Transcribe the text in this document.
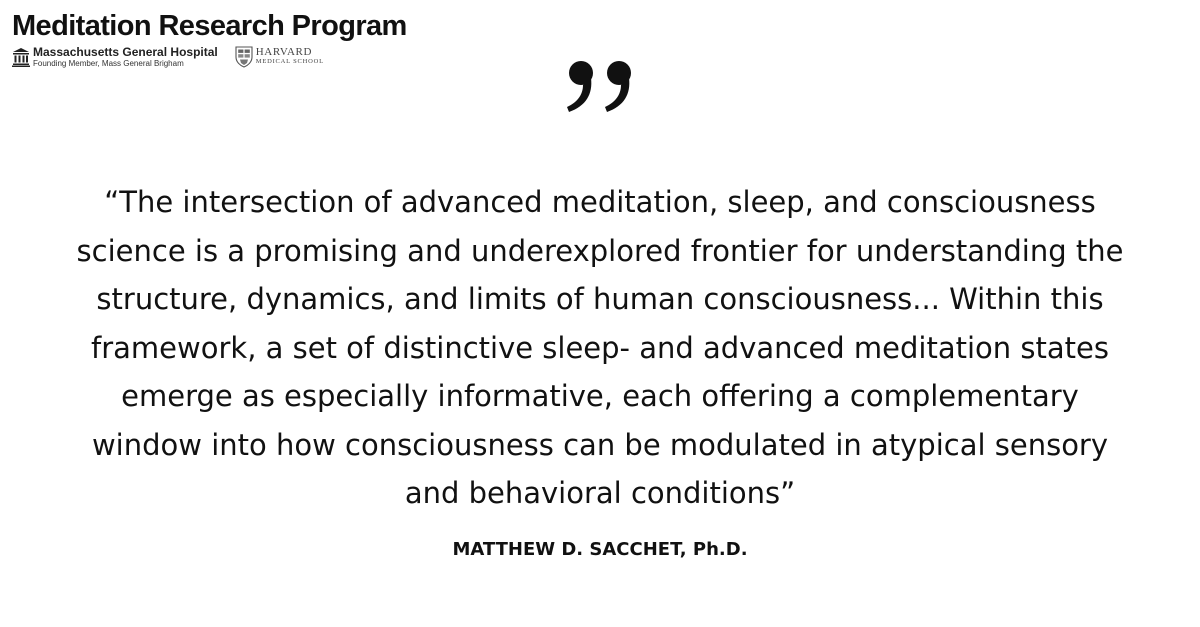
Meditation Research Program
Massachusetts General Hospital
Founding Member, Mass General Brigham
HARVARD
MEDICAL SCHOOL
“The intersection of advanced meditation, sleep, and consciousness
science is a promising and underexplored frontier for understanding the
structure, dynamics, and limits of human consciousness... Within this
framework, a set of distinctive sleep- and advanced meditation states
emerge as especially informative, each offering a complementary
window into how consciousness can be modulated in atypical sensory
and behavioral conditions”
MATTHEW D. SACCHET, Ph.D.
